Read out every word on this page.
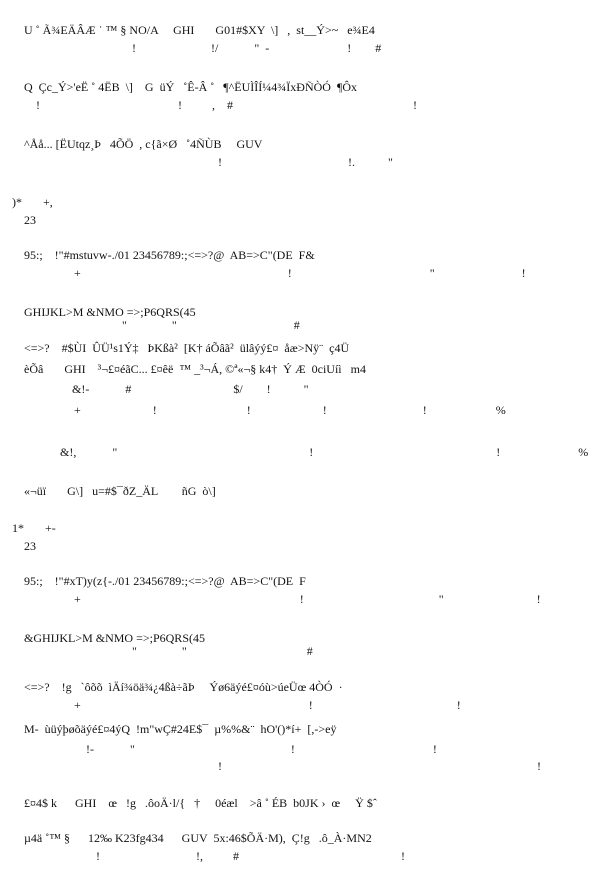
U ˚ Ã¾EÄÂÆ ˙ ™ § NO/A     GHI       G01#$XY  \]   ,  st__Ý>~   e¾E4
!                         !/            "  -                          !        #
Q  Çc_Ý>'eË ˚ 4ËB  \]    G  üÝ   ˚Ê-Â ˚   ¶^ËUÌÎÍ¼4¾ÏxÐÑÒÓ  ¶Ôx
!                                              !          ,    #                                                            !
^Åå... [ËUtqz¸Þ   4ÕÖ  , c{ã×Ø   ˚4ÑÙB     GUV
!                                          !.           "
)*       +,
23
95:;    !"#mstuvw-./01 23456789:;<=>?@  AB=>C"(DE  F&
+                                                                     !                                              "                             !
GHIJKL>M &NMO =>;P6QRS(45
"               "                                       #
<=>?    #$ÙI  ÛÜ¹s1Ý‡   ÞKßà²  [K† áÕâã²  ülâýý£¤  åæ>Nÿ¨  ç4Ü
èÕâ       GHI    ³¬£¤éãC... £¤êë  ™ _³¬Á, ©ª«¬§ k4†  Ý Æ  0ciUíì   m4
&!-            #                                  $/        !           "
+                        !                              !                        !                                !                       %
&!,            "                                                                !                                                             !                          %
«¬üï       G\]   u=#$¯ðZ_ÄL        ñG  ò\]
1*       +-
23
95:;    !"#xT)y(z{-./01 23456789:;<=>?@  AB=>C"(DE  F
+                                                                         !                                             "                               !
&GHIJKL>M &NMO =>;P6QRS(45
"               "                                        #
<=>?    !g   `ôõõ  ìÄí¾öä¾¿4ßà÷ãÞ     Ýø6äýé£¤óù>úeÜœ 4ÒÓ  ·
+                                                                            !                                                !
M-  ùüýþøõäýé£¤4ýQ  !m"wÇ#24E$¯  µ%%&¨  hO'()*í+  [,->eÿ
!-            "                                                    !                                              !
!                                                                                                         !
£¤4$ k      GHI    œ   !g   .ôoÄ·l/{   †     0éæl    >â ˚ ÉB  b0JK ›  œ     Ÿ $ˆ
µ4ä ˚™ §      12‰ K23fg434      GUV  5x:46$ÕÄ·M),  Ç!g   .ô_À·MN2
!                                !,          #                                                      !
